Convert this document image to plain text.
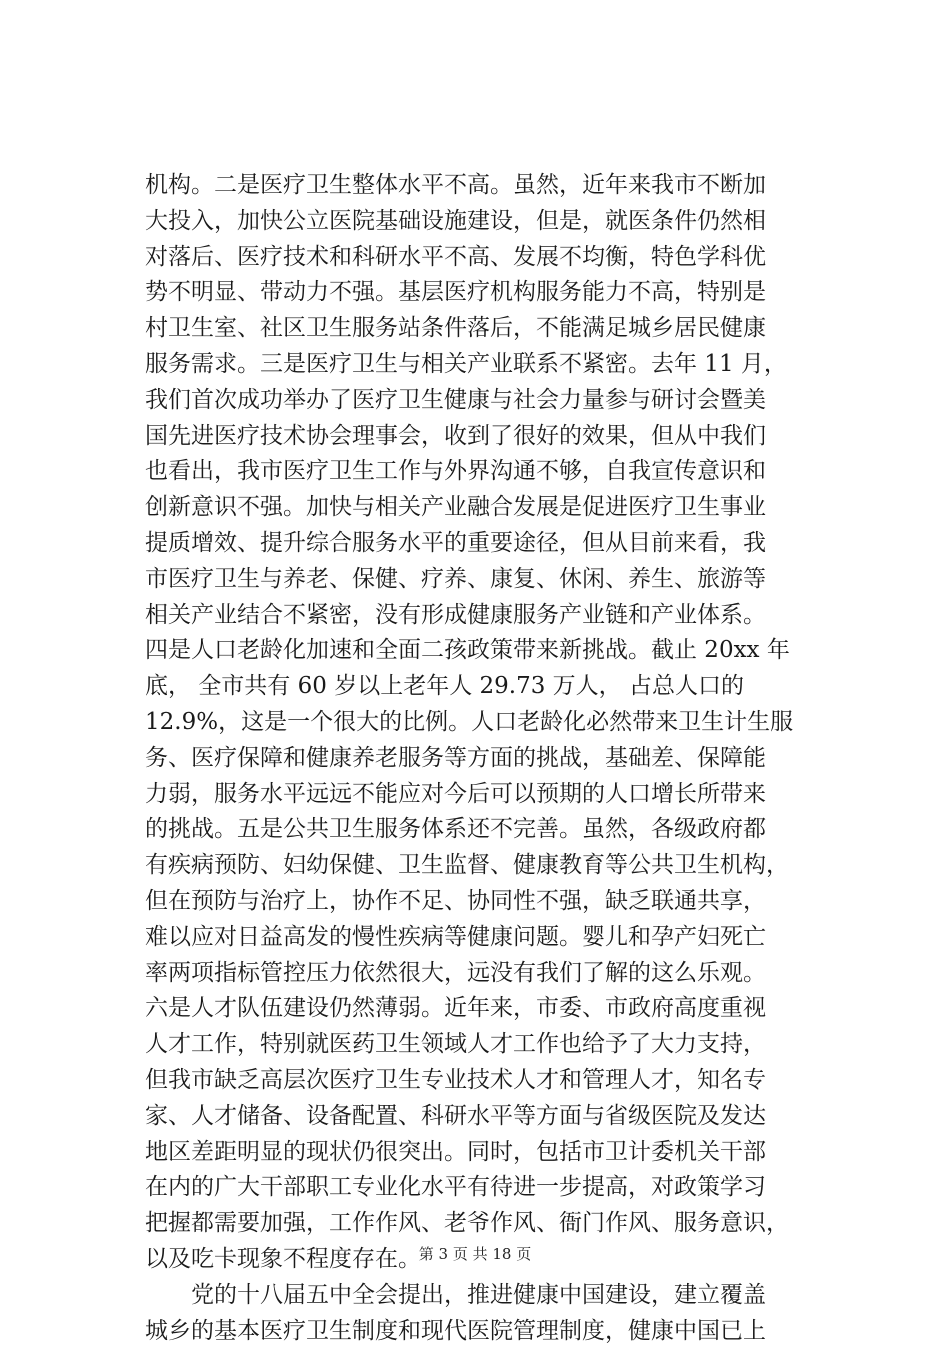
机构。二是医疗卫生整体水平不高。虽然，近年来我市不断加
大投入，加快公立医院基础设施建设，但是，就医条件仍然相
对落后、医疗技术和科研水平不高、发展不均衡，特色学科优
势不明显、带动力不强。基层医疗机构服务能力不高，特别是
村卫生室、社区卫生服务站条件落后，不能满足城乡居民健康
服务需求。三是医疗卫生与相关产业联系不紧密。去年 11 月，
我们首次成功举办了医疗卫生健康与社会力量参与研讨会暨美
国先进医疗技术协会理事会，收到了很好的效果，但从中我们
也看出，我市医疗卫生工作与外界沟通不够，自我宣传意识和
创新意识不强。加快与相关产业融合发展是促进医疗卫生事业
提质增效、提升综合服务水平的重要途径，但从目前来看，我
市医疗卫生与养老、保健、疗养、康复、休闲、养生、旅游等
相关产业结合不紧密，没有形成健康服务产业链和产业体系。
四是人口老龄化加速和全面二孩政策带来新挑战。截止 20xx 年
底， 全市共有 60 岁以上老年人 29.73 万人， 占总人口的
12.9%，这是一个很大的比例。人口老龄化必然带来卫生计生服
务、医疗保障和健康养老服务等方面的挑战，基础差、保障能
力弱，服务水平远远不能应对今后可以预期的人口增长所带来
的挑战。五是公共卫生服务体系还不完善。虽然，各级政府都
有疾病预防、妇幼保健、卫生监督、健康教育等公共卫生机构，
但在预防与治疗上，协作不足、协同性不强，缺乏联通共享，
难以应对日益高发的慢性疾病等健康问题。婴儿和孕产妇死亡
率两项指标管控压力依然很大，远没有我们了解的这么乐观。
六是人才队伍建设仍然薄弱。近年来，市委、市政府高度重视
人才工作，特别就医药卫生领域人才工作也给予了大力支持，
但我市缺乏高层次医疗卫生专业技术人才和管理人才，知名专
家、人才储备、设备配置、科研水平等方面与省级医院及发达
地区差距明显的现状仍很突出。同时，包括市卫计委机关干部
在内的广大干部职工专业化水平有待进一步提高，对政策学习
把握都需要加强，工作作风、老爷作风、衙门作风、服务意识，
以及吃卡现象不程度存在。
　　党的十八届五中全会提出，推进健康中国建设，建立覆盖
城乡的基本医疗卫生制度和现代医院管理制度，健康中国已上
第 3 页 共 18 页
